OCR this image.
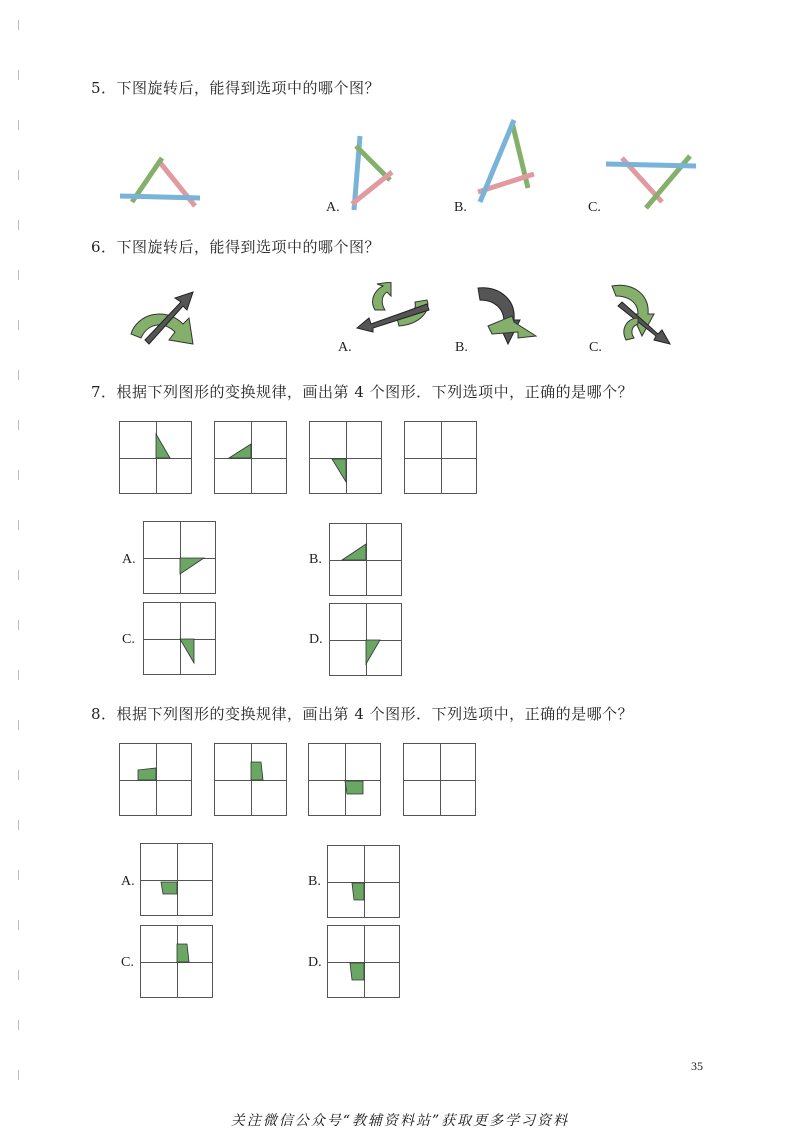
5．下图旋转后，能得到选项中的哪个图？
A.	B.	C.
6．下图旋转后，能得到选项中的哪个图？
A.	B.	C.
7．根据下列图形的变换规律，画出第 4 个图形．下列选项中，正确的是哪个？
A.	B.
C.	D.
8．根据下列图形的变换规律，画出第 4 个图形．下列选项中，正确的是哪个？
A.	B.
C.	D.
35
关注微信公众号“教辅资料站”获取更多学习资料
